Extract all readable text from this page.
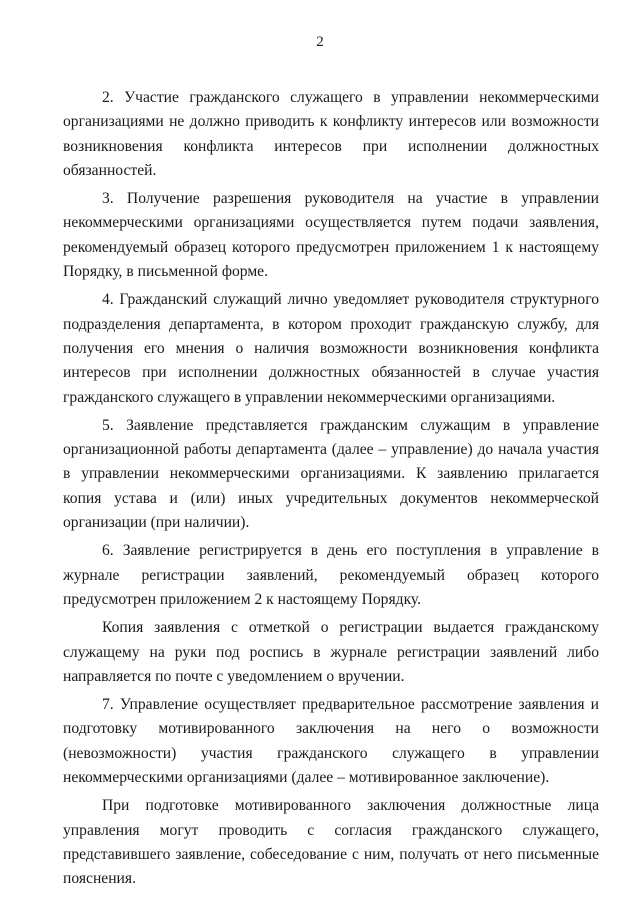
2

2. Участие гражданского служащего в управлении некоммерческими организациями не должно приводить к конфликту интересов или возможности возникновения конфликта интересов при исполнении должностных обязанностей.

3. Получение разрешения руководителя на участие в управлении некоммерческими организациями осуществляется путем подачи заявления, рекомендуемый образец которого предусмотрен приложением 1 к настоящему Порядку, в письменной форме.

4. Гражданский служащий лично уведомляет руководителя структурного подразделения департамента, в котором проходит гражданскую службу, для получения его мнения о наличия возможности возникновения конфликта интересов при исполнении должностных обязанностей в случае участия гражданского служащего в управлении некоммерческими организациями.

5. Заявление представляется гражданским служащим в управление организационной работы департамента (далее – управление) до начала участия в управлении некоммерческими организациями. К заявлению прилагается копия устава и (или) иных учредительных документов некоммерческой организации (при наличии).

6. Заявление регистрируется в день его поступления в управление в журнале регистрации заявлений, рекомендуемый образец которого предусмотрен приложением 2 к настоящему Порядку.

Копия заявления с отметкой о регистрации выдается гражданскому служащему на руки под роспись в журнале регистрации заявлений либо направляется по почте с уведомлением о вручении.

7. Управление осуществляет предварительное рассмотрение заявления и подготовку мотивированного заключения на него о возможности (невозможности) участия гражданского служащего в управлении некоммерческими организациями (далее – мотивированное заключение).

При подготовке мотивированного заключения должностные лица управления могут проводить с согласия гражданского служащего, представившего заявление, собеседование с ним, получать от него письменные пояснения.
